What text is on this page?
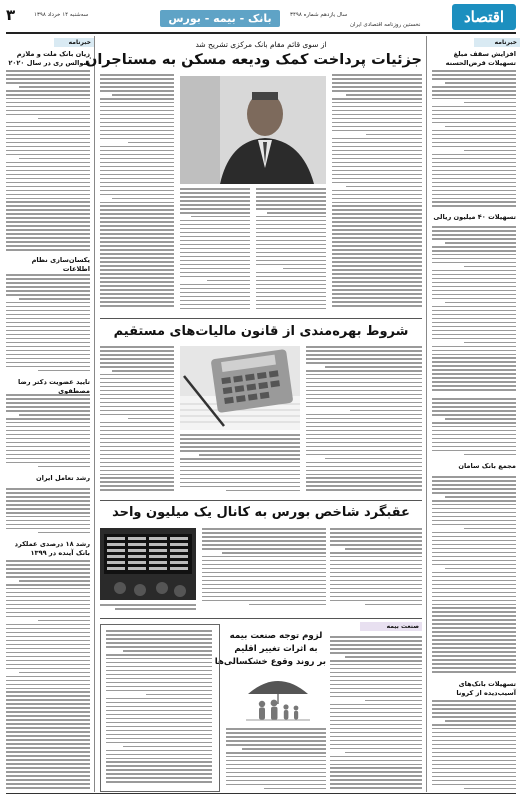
۳	سه‌شنبه ۱۴ خرداد ۱۳۹۸	بانک - بیمه - بورس	سال یازدهم شماره ۳۴۹۸
نخستین روزنامه اقتصادی ایران	اقتصاد
خبرنامه
افزایش سقف مبلغ تسهیلات قرض‌الحسنه
تسهیلات ۴۰ میلیون ریالی
مجمع بانک سامان
تسهیلات بانک‌های آسیب‌دیده از کرونا
خبرنامه
زیان بانک ملت و ملازم سوالس ری در سال ۲۰۲۰
یکسان‌سازی نظام اطلاعات
تایید عضویت دکتر رضا مصطفوی
رشد تعامل ایران
رشد ۱۸ درصدی عملکرد بانک آینده در ۱۳۹۹
از سوی قائم مقام بانک مرکزی تشریح شد
جزئیات پرداخت کمک ودیعه مسکن به مستاجران
شروط بهره‌مندی از قانون مالیات‌های مستقیم
عقبگرد شاخص بورس به کانال یک میلیون واحد
صنعت بیمه
لزوم توجه صنعت بیمه
به اثرات تغییر اقلیم
بر روند وقوع خشکسالی‌ها
